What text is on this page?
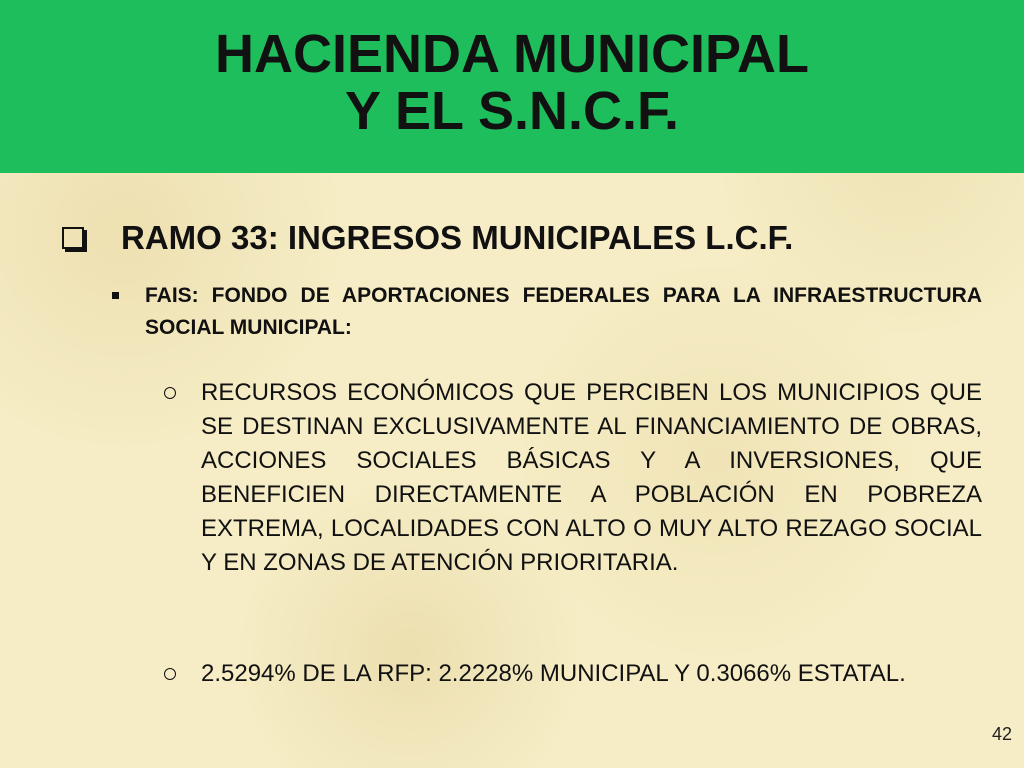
HACIENDA MUNICIPAL
Y EL S.N.C.F.
RAMO 33: INGRESOS MUNICIPALES L.C.F.
FAIS: FONDO DE APORTACIONES FEDERALES PARA LA INFRAESTRUCTURA SOCIAL MUNICIPAL:
RECURSOS ECONÓMICOS QUE PERCIBEN LOS MUNICIPIOS QUE SE DESTINAN EXCLUSIVAMENTE AL FINANCIAMIENTO DE OBRAS, ACCIONES SOCIALES BÁSICAS Y A INVERSIONES, QUE BENEFICIEN DIRECTAMENTE A POBLACIÓN EN POBREZA EXTREMA, LOCALIDADES CON ALTO O MUY ALTO REZAGO SOCIAL Y EN ZONAS DE ATENCIÓN PRIORITARIA.
2.5294% DE LA RFP: 2.2228% MUNICIPAL Y 0.3066% ESTATAL.
42
